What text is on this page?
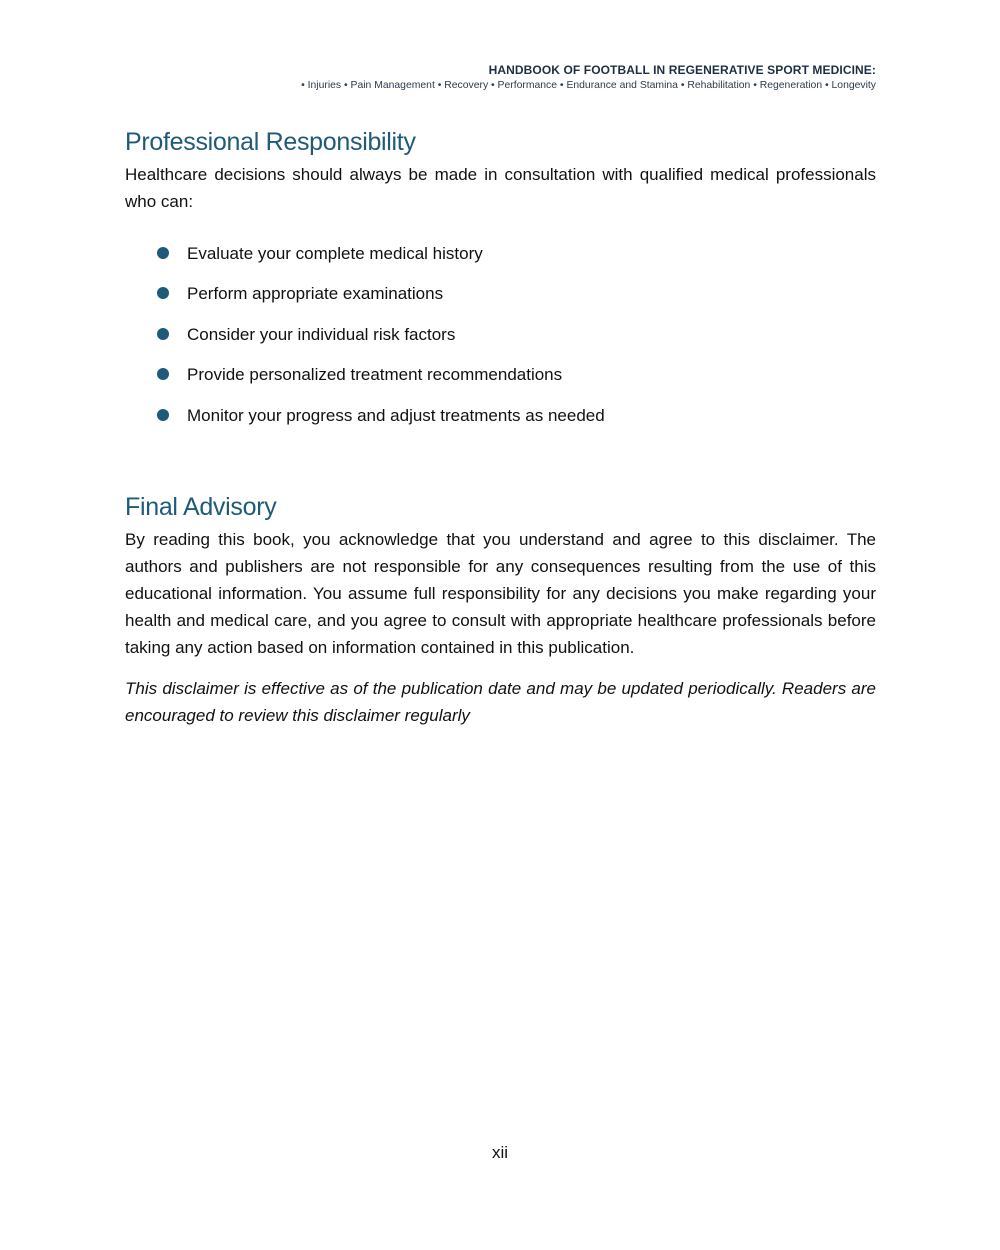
HANDBOOK OF FOOTBALL IN REGENERATIVE SPORT MEDICINE:
• Injuries • Pain Management • Recovery • Performance • Endurance and Stamina • Rehabilitation • Regeneration • Longevity
Professional Responsibility

Healthcare decisions should always be made in consultation with qualified medical professionals who can:

Evaluate your complete medical history
Perform appropriate examinations
Consider your individual risk factors
Provide personalized treatment recommendations
Monitor your progress and adjust treatments as needed
Final Advisory

By reading this book, you acknowledge that you understand and agree to this disclaimer. The authors and publishers are not responsible for any consequences resulting from the use of this educational information. You assume full responsibility for any decisions you make regarding your health and medical care, and you agree to consult with appropriate healthcare professionals before taking any action based on information contained in this publication.

This disclaimer is effective as of the publication date and may be updated periodically. Readers are encouraged to review this disclaimer regularly

xii
